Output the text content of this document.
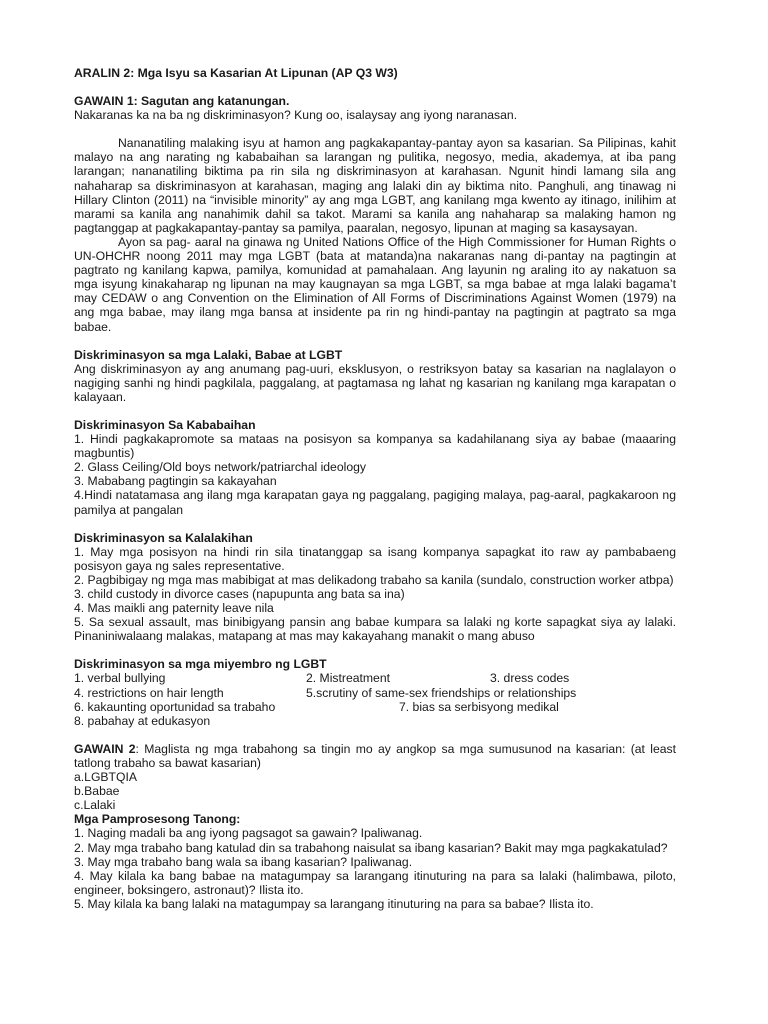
ARALIN 2: Mga Isyu sa Kasarian At Lipunan (AP Q3 W3)

GAWAIN 1: Sagutan ang katanungan.

Nakaranas ka na ba ng diskriminasyon? Kung oo, isalaysay ang iyong naranasan.

Nananatiling malaking isyu at hamon ang pagkakapantay-pantay ayon sa kasarian. Sa Pilipinas, kahit malayo na ang narating ng kababaihan sa larangan ng pulitika, negosyo, media, akademya, at iba pang larangan; nananatiling biktima pa rin sila ng diskriminasyon at karahasan. Ngunit hindi lamang sila ang nahaharap sa diskriminasyon at karahasan, maging ang lalaki din ay biktima nito. Panghuli, ang tinawag ni Hillary Clinton (2011) na “invisible minority” ay ang mga LGBT, ang kanilang mga kwento ay itinago, inilihim at marami sa kanila ang nanahimik dahil sa takot. Marami sa kanila ang nahaharap sa malaking hamon ng pagtanggap at pagkakapantay-pantay sa pamilya, paaralan, negosyo, lipunan at maging sa kasaysayan.

Ayon sa pag- aaral na ginawa ng United Nations Office of the High Commissioner for Human Rights o UN-OHCHR noong 2011 may mga LGBT (bata at matanda)na nakaranas nang di-pantay na pagtingin at pagtrato ng kanilang kapwa, pamilya, komunidad at pamahalaan. Ang layunin ng araling ito ay nakatuon sa mga isyung kinakaharap ng lipunan na may kaugnayan sa mga LGBT, sa mga babae at mga lalaki bagama’t may CEDAW o ang Convention on the Elimination of All Forms of Discriminations Against Women (1979) na ang mga babae, may ilang mga bansa at insidente pa rin ng hindi-pantay na pagtingin at pagtrato sa mga babae.

Diskriminasyon sa mga Lalaki, Babae at LGBT

Ang diskriminasyon ay ang anumang pag-uuri, eksklusyon, o restriksyon batay sa kasarian na naglalayon o nagiging sanhi ng hindi pagkilala, paggalang, at pagtamasa ng lahat ng kasarian ng kanilang mga karapatan o kalayaan.

Diskriminasyon Sa Kababaihan

1. Hindi pagkakapromote sa mataas na posisyon sa kompanya sa kadahilanang siya ay babae (maaaring magbuntis)

2. Glass Ceiling/Old boys network/patriarchal ideology

3. Mababang pagtingin sa kakayahan

4.Hindi natatamasa ang ilang mga karapatan gaya ng paggalang, pagiging malaya, pag-aaral, pagkakaroon ng pamilya at pangalan

Diskriminasyon sa Kalalakihan

1. May mga posisyon na hindi rin sila tinatanggap sa isang kompanya sapagkat ito raw ay pambabaeng posisyon gaya ng sales representative.

2. Pagbibigay ng mga mas mabibigat at mas delikadong trabaho sa kanila (sundalo, construction worker atbpa)

3. child custody in divorce cases (napupunta ang bata sa ina)

4. Mas maikli ang paternity leave nila

5. Sa sexual assault, mas binibigyang pansin ang babae kumpara sa lalaki ng korte sapagkat siya ay lalaki. Pinaniniwalaang malakas, matapang at mas may kakayahang manakit o mang abuso

Diskriminasyon sa mga miyembro ng LGBT

1. verbal bullying	2. Mistreatment	3. dress codes
4. restrictions on hair length	5.scrutiny of same-sex friendships or relationships
6. kakaunting oportunidad sa trabaho	7. bias sa serbisyong medikal
8. pabahay at edukasyon

GAWAIN 2: Maglista ng mga trabahong sa tingin mo ay angkop sa mga sumusunod na kasarian: (at least tatlong trabaho sa bawat kasarian)

a.LGBTQIA

b.Babae

c.Lalaki

Mga Pamprosesong Tanong:

1. Naging madali ba ang iyong pagsagot sa gawain? Ipaliwanag.

2. May mga trabaho bang katulad din sa trabahong naisulat sa ibang kasarian? Bakit may mga pagkakatulad?

3. May mga trabaho bang wala sa ibang kasarian? Ipaliwanag.

4. May kilala ka bang babae na matagumpay sa larangang itinuturing na para sa lalaki (halimbawa, piloto, engineer, boksingero, astronaut)? Ilista ito.

5. May kilala ka bang lalaki na matagumpay sa larangang itinuturing na para sa babae? Ilista ito.
